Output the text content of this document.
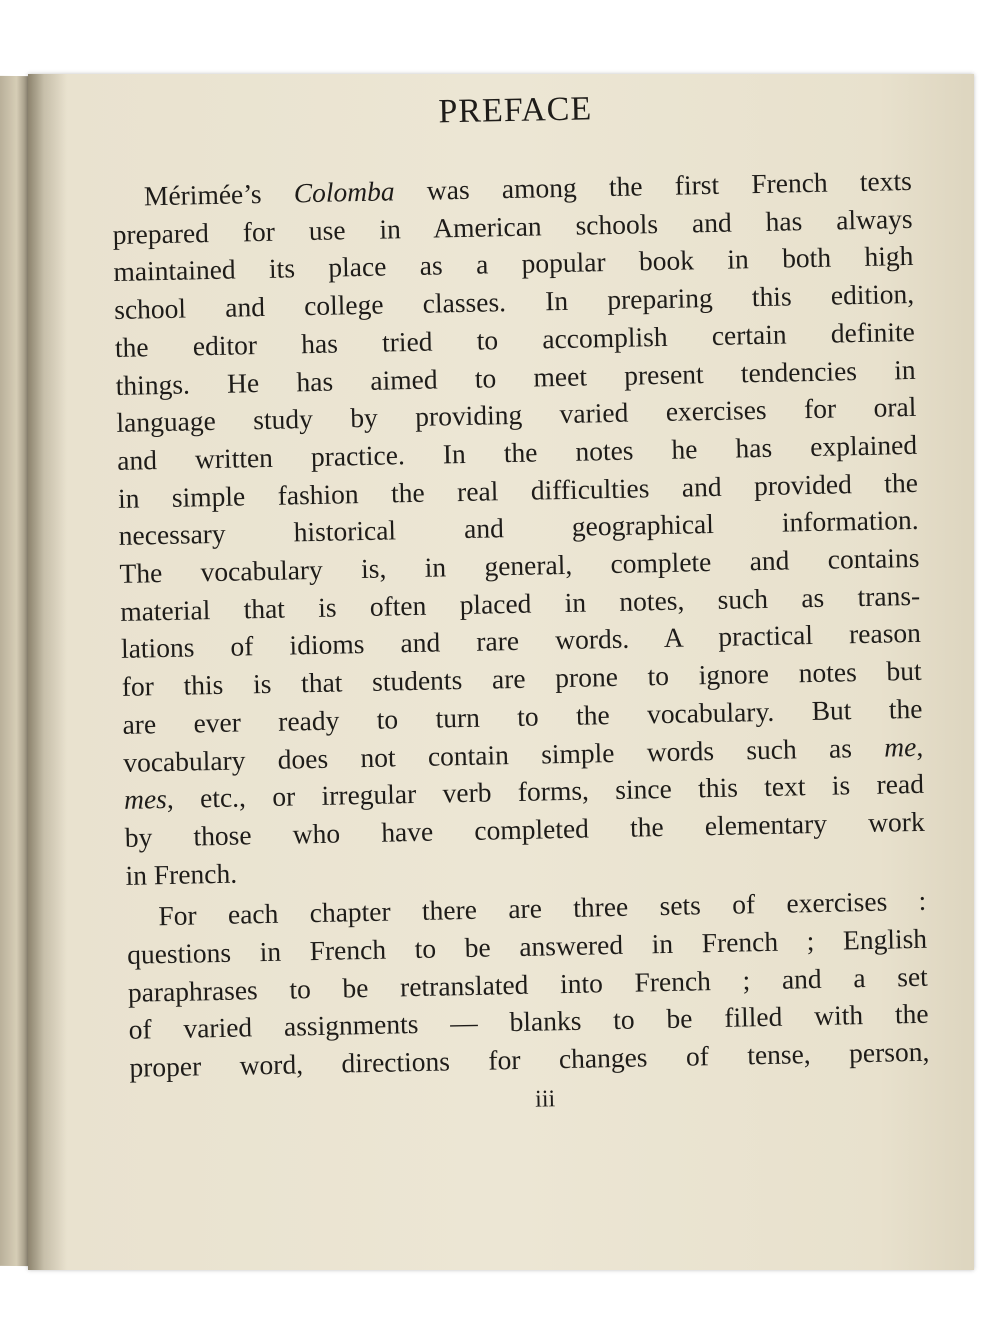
PREFACE
Mérimée’s Colomba was among the first French texts
prepared for use in American schools and has always
maintained its place as a popular book in both high
school and college classes. In preparing this edition,
the editor has tried to accomplish certain definite
things. He has aimed to meet present tendencies in
language study by providing varied exercises for oral
and written practice. In the notes he has explained
in simple fashion the real difficulties and provided the
necessary historical and geographical information.
The vocabulary is, in general, complete and contains
material that is often placed in notes, such as trans-
lations of idioms and rare words. A practical reason
for this is that students are prone to ignore notes but
are ever ready to turn to the vocabulary. But the
vocabulary does not contain simple words such as me,
mes, etc., or irregular verb forms, since this text is read
by those who have completed the elementary work
in French.
For each chapter there are three sets of exercises :
questions in French to be answered in French ; English
paraphrases to be retranslated into French ; and a set
of varied assignments — blanks to be filled with the
proper word, directions for changes of tense, person,
iii
